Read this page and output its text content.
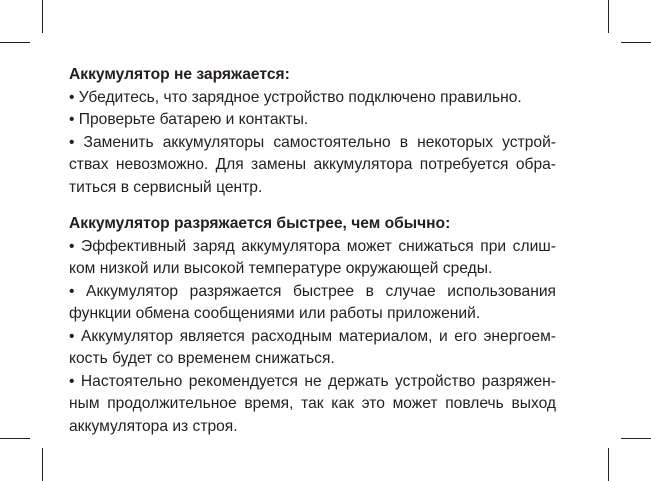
Аккумулятор не заряжается:

• Убедитесь, что зарядное устройство подключено правильно.

• Проверьте батарею и контакты.

• Заменить аккумуляторы самостоятельно в некоторых устройствах невозможно. Для замены аккумулятора потребуется обратиться в сервисный центр.

Аккумулятор разряжается быстрее, чем обычно:

• Эффективный заряд аккумулятора может снижаться при слишком низкой или высокой температуре окружающей среды.

• Аккумулятор разряжается быстрее в случае использования функции обмена сообщениями или работы приложений.

• Аккумулятор является расходным материалом, и его энергоемкость будет со временем снижаться.

• Настоятельно рекомендуется не держать устройство разряженным продолжительное время, так как это может повлечь выход аккумулятора из строя.
